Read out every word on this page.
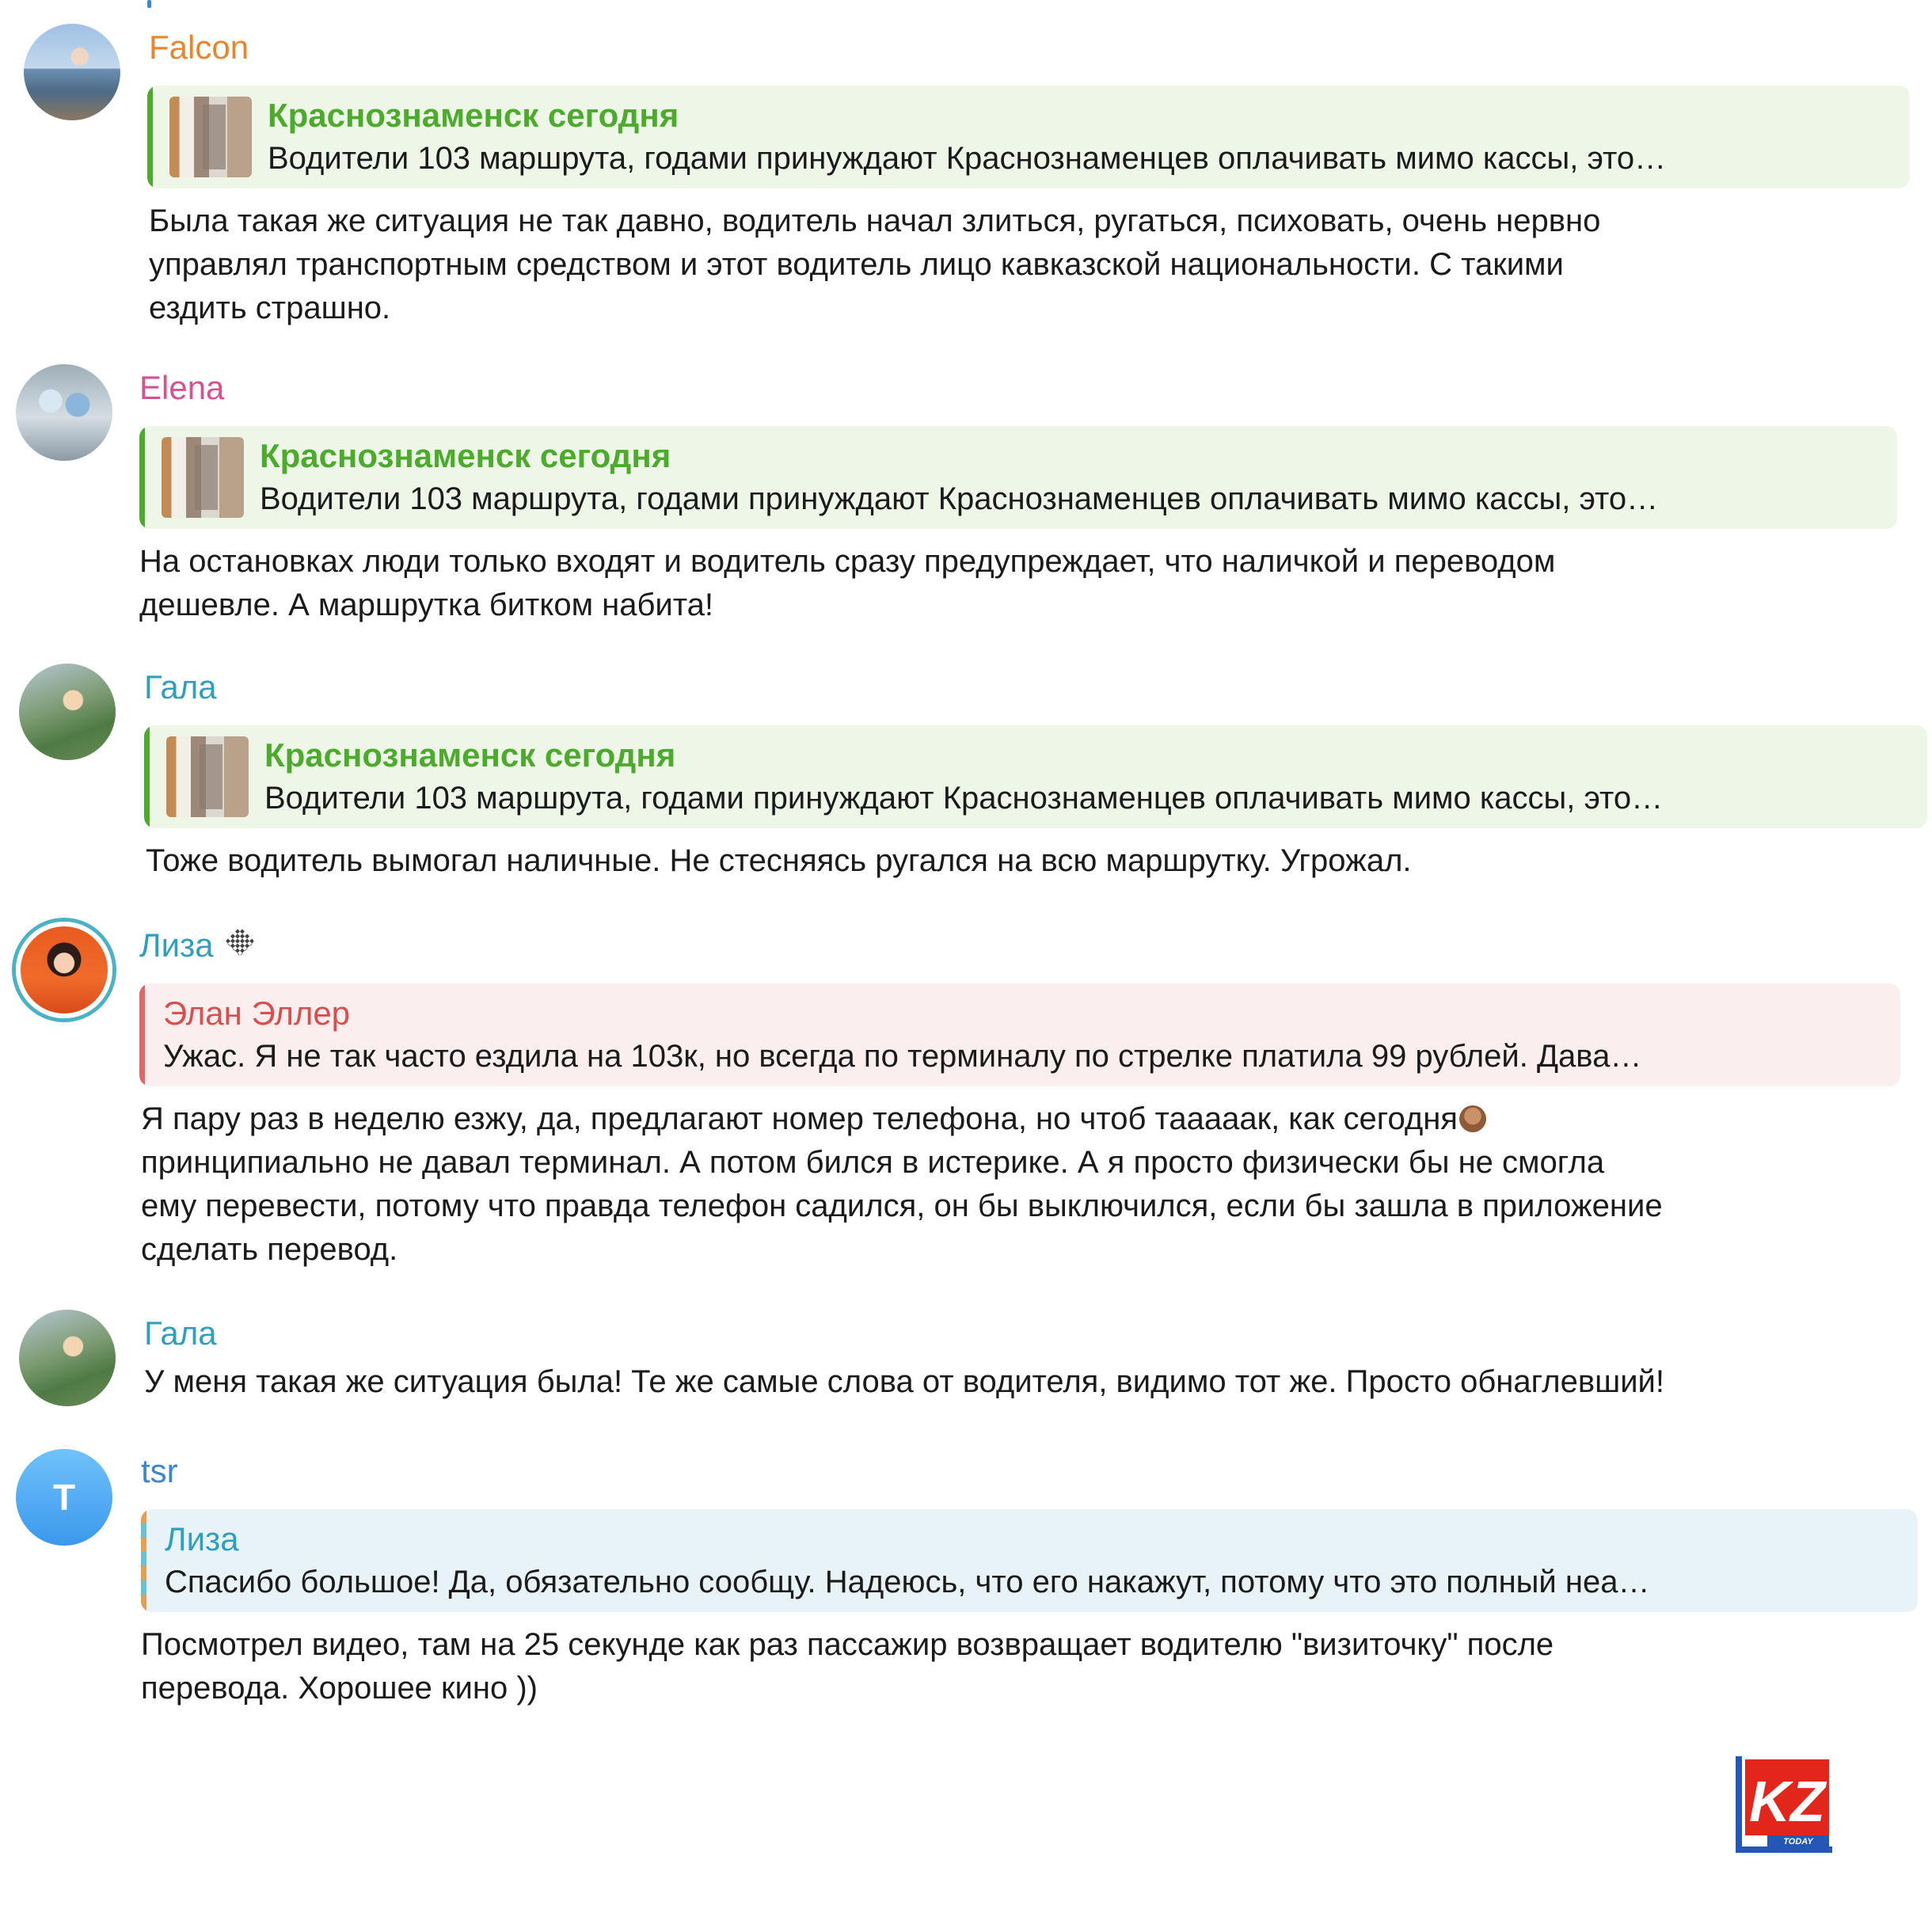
Falcon
Краснознаменск сегодня
Водители 103 маршрута, годами принуждают Краснознаменцев оплачивать мимо кассы, это…
Была такая же ситуация не так давно, водитель начал злиться, ругаться, психовать, очень нервно
управлял транспортным средством и этот водитель лицо кавказской национальности. С такими
ездить страшно.
Elena
Краснознаменск сегодня
Водители 103 маршрута, годами принуждают Краснознаменцев оплачивать мимо кассы, это…
На остановках люди только входят и водитель сразу предупреждает, что наличкой и переводом
дешевле. А маршрутка битком набита!
Гала
Краснознаменск сегодня
Водители 103 маршрута, годами принуждают Краснознаменцев оплачивать мимо кассы, это…
Тоже водитель вымогал наличные. Не стесняясь ругался на всю маршрутку. Угрожал.
Лиза
Элан Эллер
Ужас. Я не так часто ездила на 103к, но всегда по терминалу по стрелке платила 99 рублей. Дава…
Я пару раз в неделю езжу, да, предлагают номер телефона, но чтоб тааааак, как сегодня
принципиально не давал терминал. А потом бился в истерике. А я просто физически бы не смогла
ему перевести, потому что правда телефон садился, он бы выключился, если бы зашла в приложение
сделать перевод.
Гала
У меня такая же ситуация была! Те же самые слова от водителя, видимо тот же. Просто обнаглевший!
T
tsr
Лиза
Спасибо большое! Да, обязательно сообщу. Надеюсь, что его накажут, потому что это полный неа…
Посмотрел видео, там на 25 секунде как раз пассажир возвращает водителю "визиточку" после
перевода. Хорошее кино ))
KZ
TODAY
